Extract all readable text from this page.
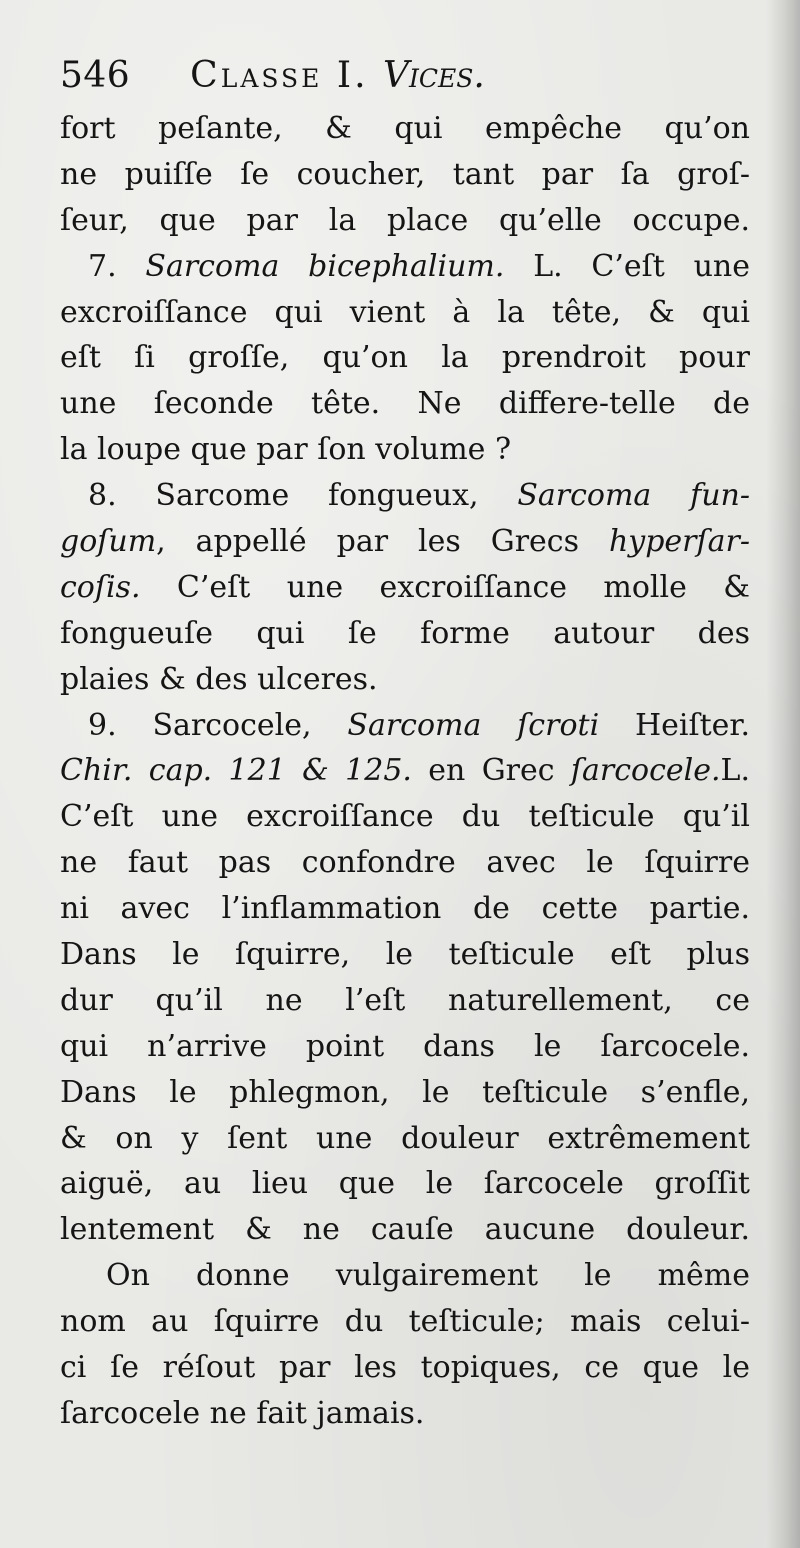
546 Classe I. Vices.
fort peſante, & qui empêche qu’on
ne puiſſe ſe coucher, tant par ſa groſ-
ſeur, que par la place qu’elle occupe.
7. Sarcoma bicephalium. L. C’eſt une
excroiſſance qui vient à la tête, & qui
eſt ſi groſſe, qu’on la prendroit pour
une ſeconde tête. Ne differe-telle de
la loupe que par ſon volume ?
8. Sarcome fongueux, Sarcoma fun-
goſum, appellé par les Grecs hyperſar-
coſis. C’eſt une excroiſſance molle &
fongueuſe qui ſe forme autour des
plaies & des ulceres.
9. Sarcocele, Sarcoma ſcroti Heiſter.
Chir. cap. 121 & 125. en Grec ſarcocele.L.
C’eſt une excroiſſance du teſticule qu’il
ne faut pas confondre avec le ſquirre
ni avec l’inflammation de cette partie.
Dans le ſquirre, le teſticule eſt plus
dur qu’il ne l’eſt naturellement, ce
qui n’arrive point dans le ſarcocele.
Dans le phlegmon, le teſticule s’enfle,
& on y ſent une douleur extrêmement
aiguë, au lieu que le ſarcocele groſſit
lentement & ne cauſe aucune douleur.
On donne vulgairement le même
nom au ſquirre du teſticule; mais celui-
ci ſe réſout par les topiques, ce que le
ſarcocele ne fait jamais.
